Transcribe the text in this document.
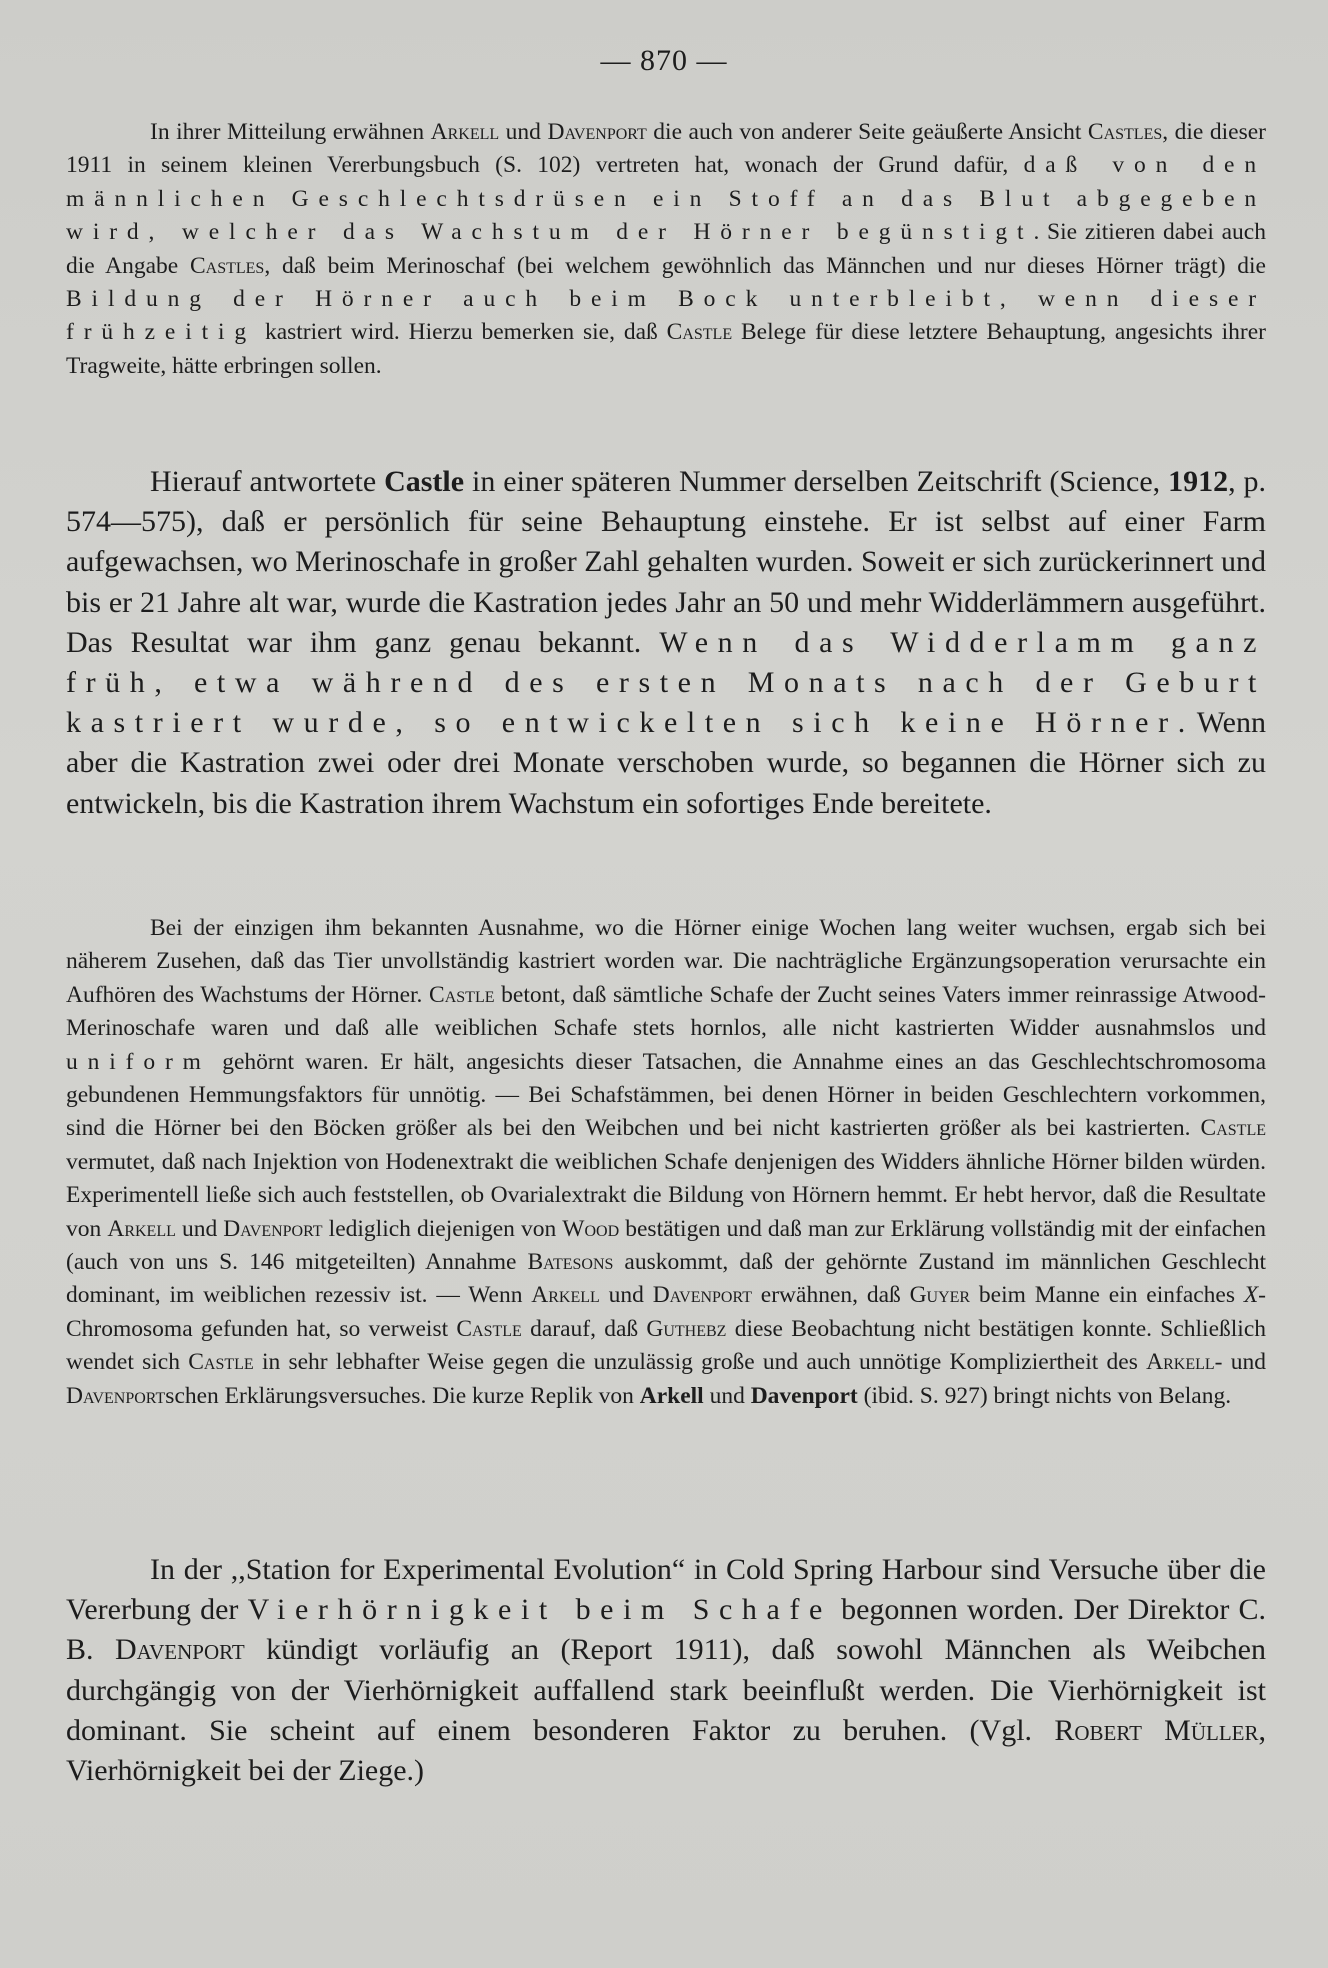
— 870 —

In ihrer Mitteilung erwähnen Arkell und Davenport die auch von anderer Seite geäußerte Ansicht Castles, die dieser 1911 in seinem kleinen Vererbungsbuch (S. 102) vertreten hat, wonach der Grund dafür, daß von den männlichen Geschlechtsdrüsen ein Stoff an das Blut abgegeben wird, welcher das Wachstum der Hörner begünstigt. Sie zitieren dabei auch die Angabe Castles, daß beim Merinoschaf (bei welchem gewöhnlich das Männchen und nur dieses Hörner trägt) die Bildung der Hörner auch beim Bock unterbleibt, wenn dieser frühzeitig kastriert wird. Hierzu bemerken sie, daß Castle Belege für diese letztere Behauptung, angesichts ihrer Tragweite, hätte erbringen sollen.

Hierauf antwortete Castle in einer späteren Nummer derselben Zeitschrift (Science, 1912, p. 574—575), daß er persönlich für seine Behauptung einstehe. Er ist selbst auf einer Farm aufgewachsen, wo Merinoschafe in großer Zahl gehalten wurden. Soweit er sich zurückerinnert und bis er 21 Jahre alt war, wurde die Kastration jedes Jahr an 50 und mehr Widderlämmern ausgeführt. Das Resultat war ihm ganz genau bekannt. Wenn das Widderlamm ganz früh, etwa während des ersten Monats nach der Geburt kastriert wurde, so entwickelten sich keine Hörner. Wenn aber die Kastration zwei oder drei Monate verschoben wurde, so begannen die Hörner sich zu entwickeln, bis die Kastration ihrem Wachstum ein sofortiges Ende bereitete.

Bei der einzigen ihm bekannten Ausnahme, wo die Hörner einige Wochen lang weiter wuchsen, ergab sich bei näherem Zusehen, daß das Tier unvollständig kastriert worden war. Die nachträgliche Ergänzungsoperation verursachte ein Aufhören des Wachstums der Hörner. Castle betont, daß sämtliche Schafe der Zucht seines Vaters immer reinrassige Atwood-Merinoschafe waren und daß alle weiblichen Schafe stets hornlos, alle nicht kastrierten Widder ausnahmslos und uniform gehörnt waren. Er hält, angesichts dieser Tatsachen, die Annahme eines an das Geschlechtschromosoma gebundenen Hemmungsfaktors für unnötig. — Bei Schafstämmen, bei denen Hörner in beiden Geschlechtern vorkommen, sind die Hörner bei den Böcken größer als bei den Weibchen und bei nicht kastrierten größer als bei kastrierten. Castle vermutet, daß nach Injektion von Hodenextrakt die weiblichen Schafe denjenigen des Widders ähnliche Hörner bilden würden. Experimentell ließe sich auch feststellen, ob Ovarialextrakt die Bildung von Hörnern hemmt. Er hebt hervor, daß die Resultate von Arkell und Davenport lediglich diejenigen von Wood bestätigen und daß man zur Erklärung vollständig mit der einfachen (auch von uns S. 146 mitgeteilten) Annahme Batesons auskommt, daß der gehörnte Zustand im männlichen Geschlecht dominant, im weiblichen rezessiv ist. — Wenn Arkell und Davenport erwähnen, daß Guyer beim Manne ein einfaches X-Chromosoma gefunden hat, so verweist Castle darauf, daß Guthebz diese Beobachtung nicht bestätigen konnte. Schließlich wendet sich Castle in sehr lebhafter Weise gegen die unzulässig große und auch unnötige Kompliziertheit des Arkell- und Davenportschen Erklärungsversuches. Die kurze Replik von Arkell und Davenport (ibid. S. 927) bringt nichts von Belang.

In der ,,Station for Experimental Evolution“ in Cold Spring Harbour sind Versuche über die Vererbung der Vierhörnigkeit beim Schafe begonnen worden. Der Direktor C. B. Davenport kündigt vorläufig an (Report 1911), daß sowohl Männchen als Weibchen durchgängig von der Vierhörnigkeit auffallend stark beeinflußt werden. Die Vierhörnigkeit ist dominant. Sie scheint auf einem besonderen Faktor zu beruhen. (Vgl. Robert Müller, Vierhörnigkeit bei der Ziege.)
